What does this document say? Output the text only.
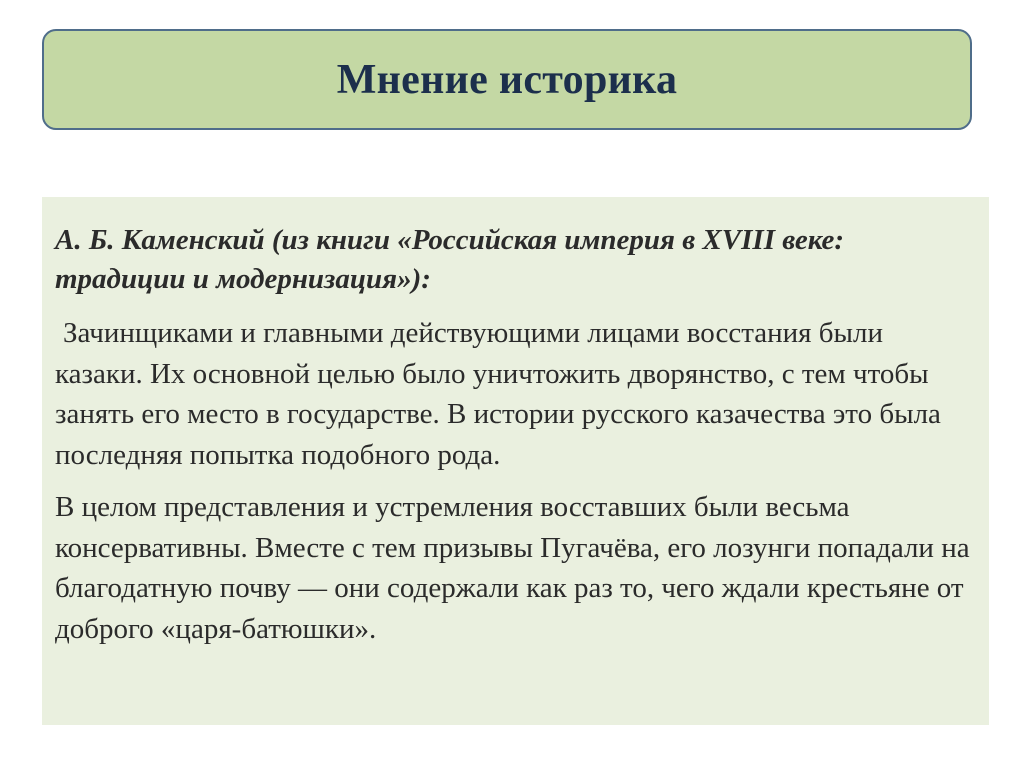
Мнение историка

А. Б. Каменский (из книги «Российская империя в XVIII веке: традиции и модернизация»):

Зачинщиками и главными действующими лицами восстания были казаки. Их основной целью было уничтожить дворянство, с тем чтобы занять его место в государстве. В истории русского казачества это была последняя попытка подобного рода.

В целом представления и устремления восставших были весьма консервативны. Вместе с тем призывы Пугачёва, его лозунги попадали на благодатную почву — они содержали как раз то, чего ждали крестьяне от доброго «царя-батюшки».
